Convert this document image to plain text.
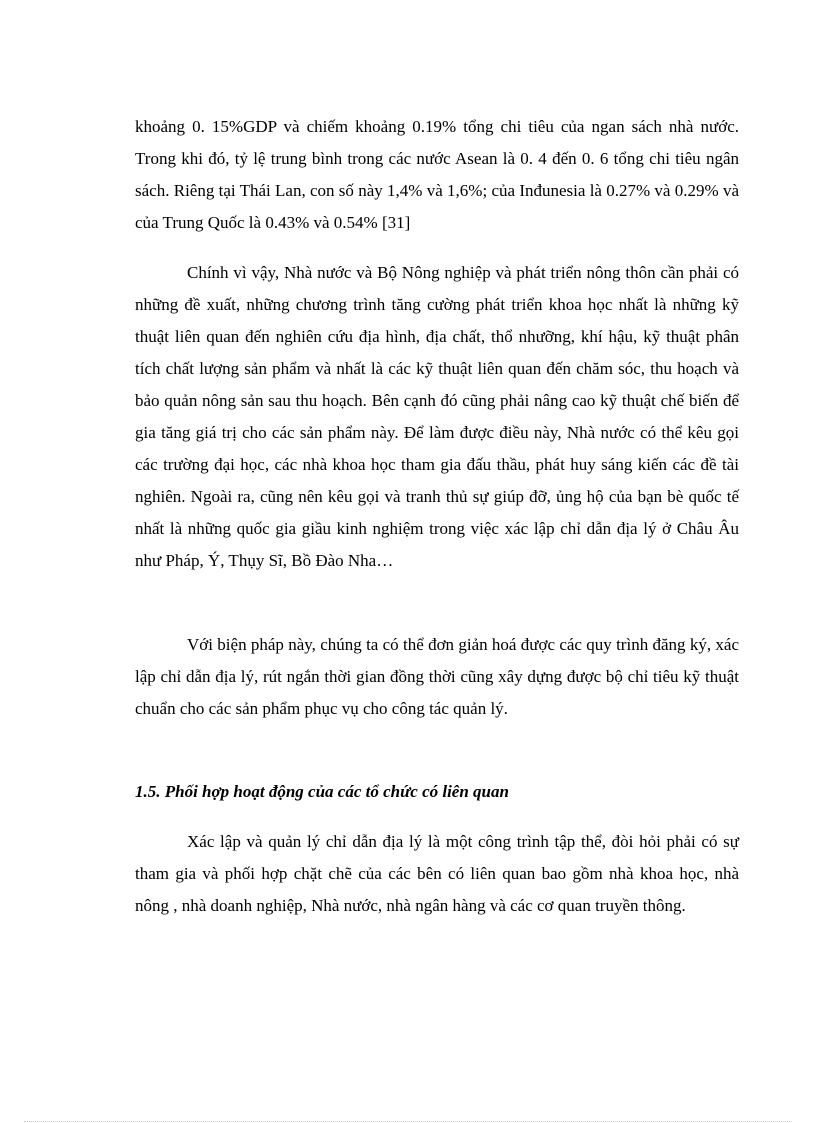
khoảng 0. 15%GDP và chiếm khoảng 0.19% tổng chi tiêu của ngan sách nhà nước. Trong khi đó, tỷ lệ trung bình trong các nước Asean là 0. 4 đến 0. 6 tổng chi tiêu ngân sách. Riêng tại Thái Lan, con số này 1,4% và 1,6%; của Inđunesia là 0.27% và 0.29% và của Trung Quốc là 0.43% và 0.54% [31]

Chính vì vậy, Nhà nước và Bộ Nông nghiệp và phát triển nông thôn cần phải có những đề xuất, những chương trình tăng cường phát triển khoa học nhất là những kỹ thuật liên quan đến nghiên cứu địa hình, địa chất, thổ nhưỡng, khí hậu, kỹ thuật phân tích chất lượng sản phẩm và nhất là các kỹ thuật liên quan đến chăm sóc, thu hoạch và bảo quản nông sản sau thu hoạch. Bên cạnh đó cũng phải nâng cao kỹ thuật chế biến để gia tăng giá trị cho các sản phẩm này. Để làm được điều này, Nhà nước có thể kêu gọi các trường đại học, các nhà khoa học tham gia đấu thầu, phát huy sáng kiến các đề tài nghiên. Ngoài ra, cũng nên kêu gọi và tranh thủ sự giúp đỡ, ủng hộ của bạn bè quốc tế nhất là những quốc gia giầu kinh nghiệm trong việc xác lập chỉ dẫn địa lý ở Châu Âu như Pháp, Ý, Thụy Sĩ, Bồ Đào Nha…

Với biện pháp này, chúng ta có thể đơn giản hoá được các quy trình đăng ký, xác lập chỉ dẫn địa lý, rút ngắn thời gian đồng thời cũng xây dựng được bộ chỉ tiêu kỹ thuật chuẩn cho các sản phẩm phục vụ cho công tác quản lý.

1.5. Phối hợp hoạt động của các tổ chức có liên quan

Xác lập và quản lý chỉ dẫn địa lý là một công trình tập thể, đòi hỏi phải có sự tham gia và phối hợp chặt chẽ của các bên có liên quan bao gồm nhà khoa học, nhà nông , nhà doanh nghiệp, Nhà nước, nhà ngân hàng và các cơ quan truyền thông.
